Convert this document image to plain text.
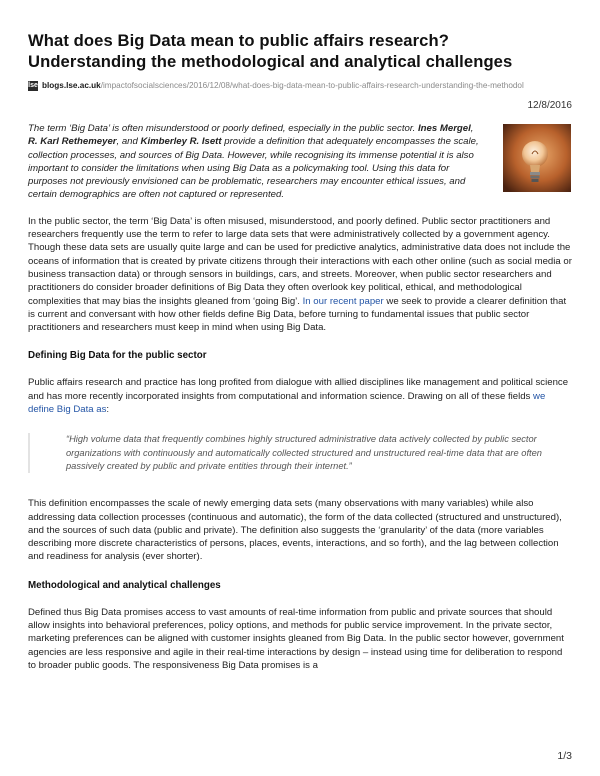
What does Big Data mean to public affairs research?
Understanding the methodological and analytical challenges
lse blogs.lse.ac.uk /impactofsocialsciences/2016/12/08/what-does-big-data-mean-to-public-affairs-research-understanding-the-methodol
12/8/2016
The term ‘Big Data’ is often misunderstood or poorly defined, especially in the public sector. Ines Mergel, R. Karl Rethemeyer, and Kimberley R. Isett provide a definition that adequately encompasses the scale, collection processes, and sources of Big Data. However, while recognising its immense potential it is also important to consider the limitations when using Big Data as a policymaking tool. Using this data for purposes not previously envisioned can be problematic, researchers may encounter ethical issues, and certain demographics are often not captured or represented.

In the public sector, the term ‘Big Data’ is often misused, misunderstood, and poorly defined. Public sector practitioners and researchers frequently use the term to refer to large data sets that were administratively collected by a government agency. Though these data sets are usually quite large and can be used for predictive analytics, administrative data does not include the oceans of information that is created by private citizens through their interactions with each other online (such as social media or business transaction data) or through sensors in buildings, cars, and streets. Moreover, when public sector researchers and practitioners do consider broader definitions of Big Data they often overlook key political, ethical, and methodological complexities that may bias the insights gleaned from ‘going Big’. In our recent paper we seek to provide a clearer definition that is current and conversant with how other fields define Big Data, before turning to fundamental issues that public sector practitioners and researchers must keep in mind when using Big Data.

Defining Big Data for the public sector

Public affairs research and practice has long profited from dialogue with allied disciplines like management and political science and has more recently incorporated insights from computational and information science. Drawing on all of these fields we define Big Data as:

“High volume data that frequently combines highly structured administrative data actively collected by public sector organizations with continuously and automatically collected structured and unstructured real-time data that are often passively created by public and private entities through their internet.”

This definition encompasses the scale of newly emerging data sets (many observations with many variables) while also addressing data collection processes (continuous and automatic), the form of the data collected (structured and unstructured), and the sources of such data (public and private). The definition also suggests the ‘granularity’ of the data (more variables describing more discrete characteristics of persons, places, events, interactions, and so forth), and the lag between collection and readiness for analysis (ever shorter).

Methodological and analytical challenges

Defined thus Big Data promises access to vast amounts of real-time information from public and private sources that should allow insights into behavioral preferences, policy options, and methods for public service improvement. In the private sector, marketing preferences can be aligned with customer insights gleaned from Big Data. In the public sector however, government agencies are less responsive and agile in their real-time interactions by design – instead using time for deliberation to respond to broader public goods. The responsiveness Big Data promises is a

1/3
